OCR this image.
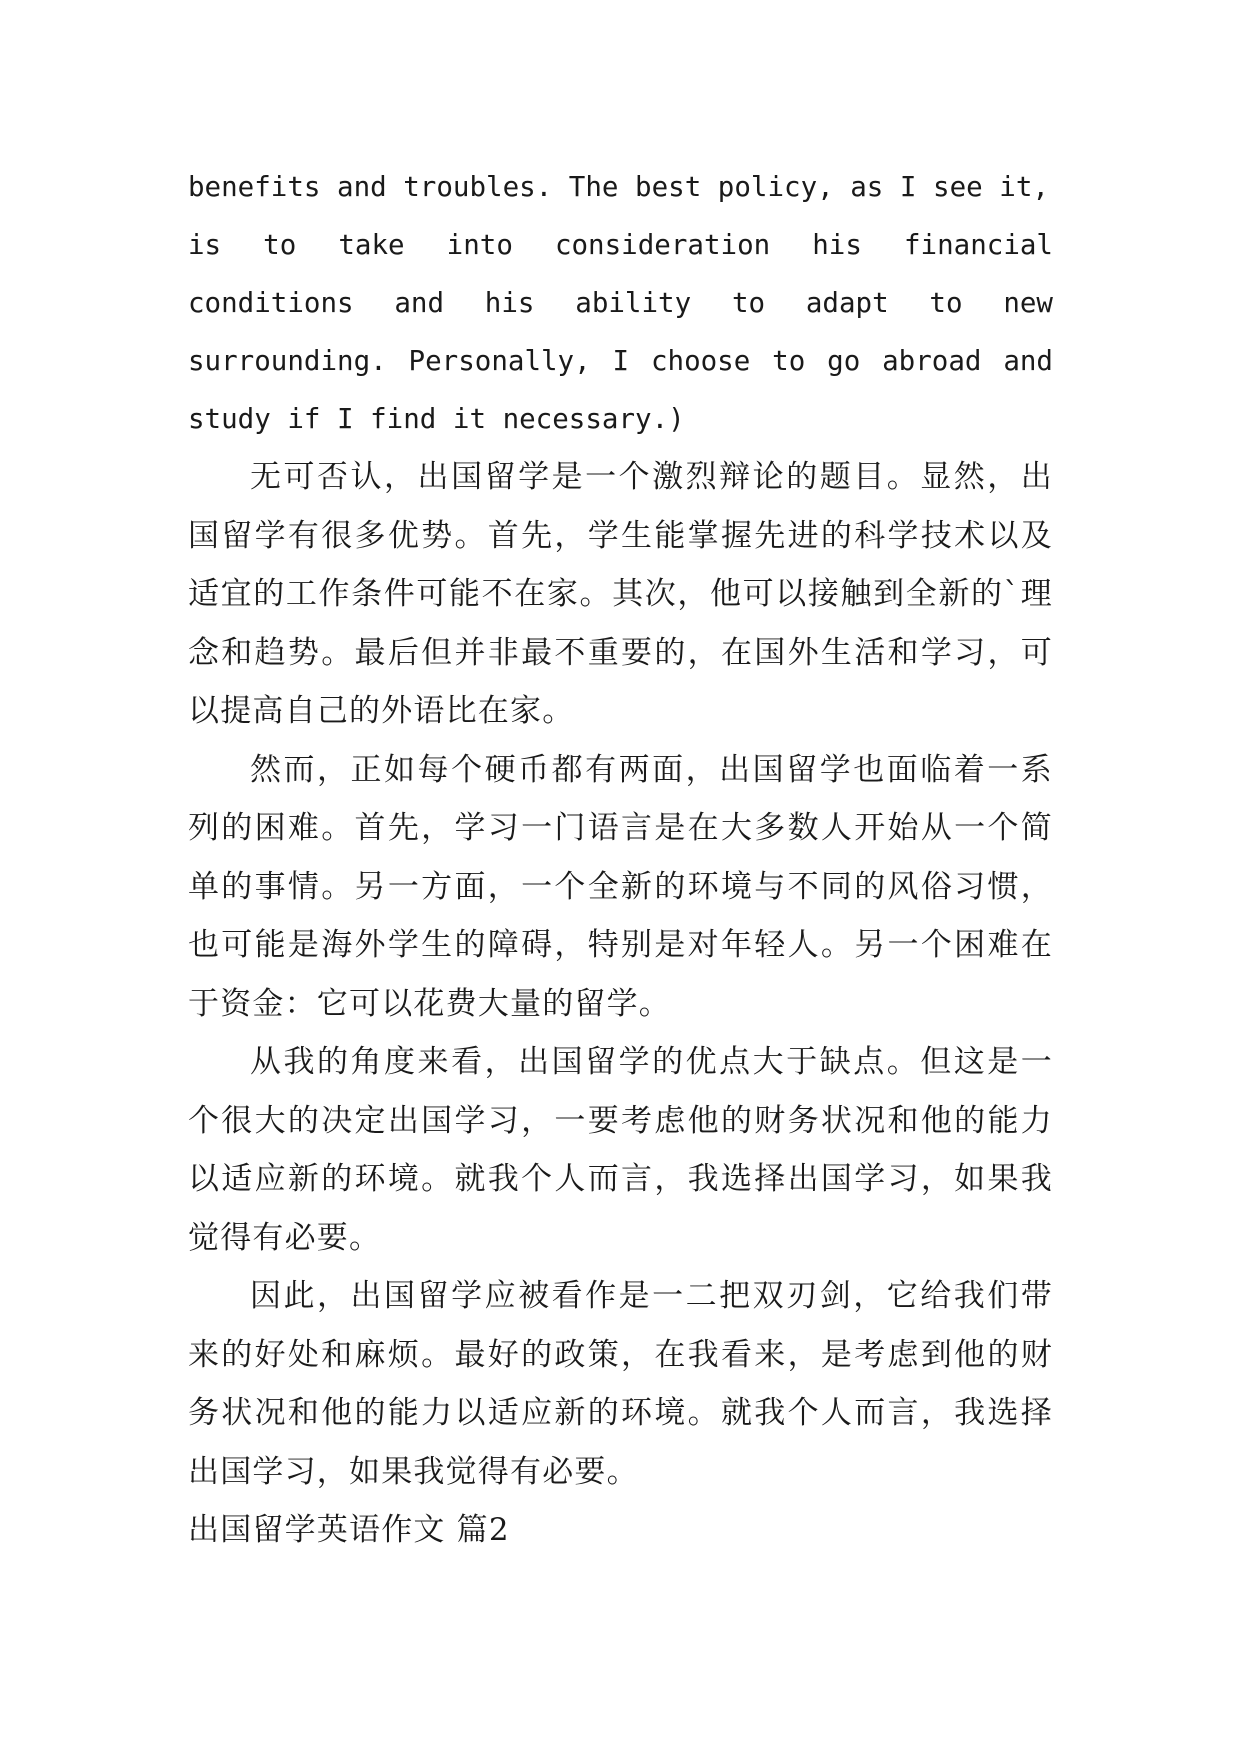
benefits and troubles. The best policy, as I see it,
is to take into consideration his financial
conditions and his ability to adapt to new
surrounding. Personally, I choose to go abroad and
study if I find it necessary.)

无可否认，出国留学是一个激烈辩论的题目。显然，出国留学有很多优势。首先，学生能掌握先进的科学技术以及适宜的工作条件可能不在家。其次，他可以接触到全新的`理念和趋势。最后但并非最不重要的，在国外生活和学习，可以提高自己的外语比在家。

然而，正如每个硬币都有两面，出国留学也面临着一系列的困难。首先，学习一门语言是在大多数人开始从一个简单的事情。另一方面，一个全新的环境与不同的风俗习惯，也可能是海外学生的障碍，特别是对年轻人。另一个困难在于资金：它可以花费大量的留学。

从我的角度来看，出国留学的优点大于缺点。但这是一个很大的决定出国学习，一要考虑他的财务状况和他的能力以适应新的环境。就我个人而言，我选择出国学习，如果我觉得有必要。

因此，出国留学应被看作是一二把双刃剑，它给我们带来的好处和麻烦。最好的政策，在我看来，是考虑到他的财务状况和他的能力以适应新的环境。就我个人而言，我选择出国学习，如果我觉得有必要。

出国留学英语作文 篇2
